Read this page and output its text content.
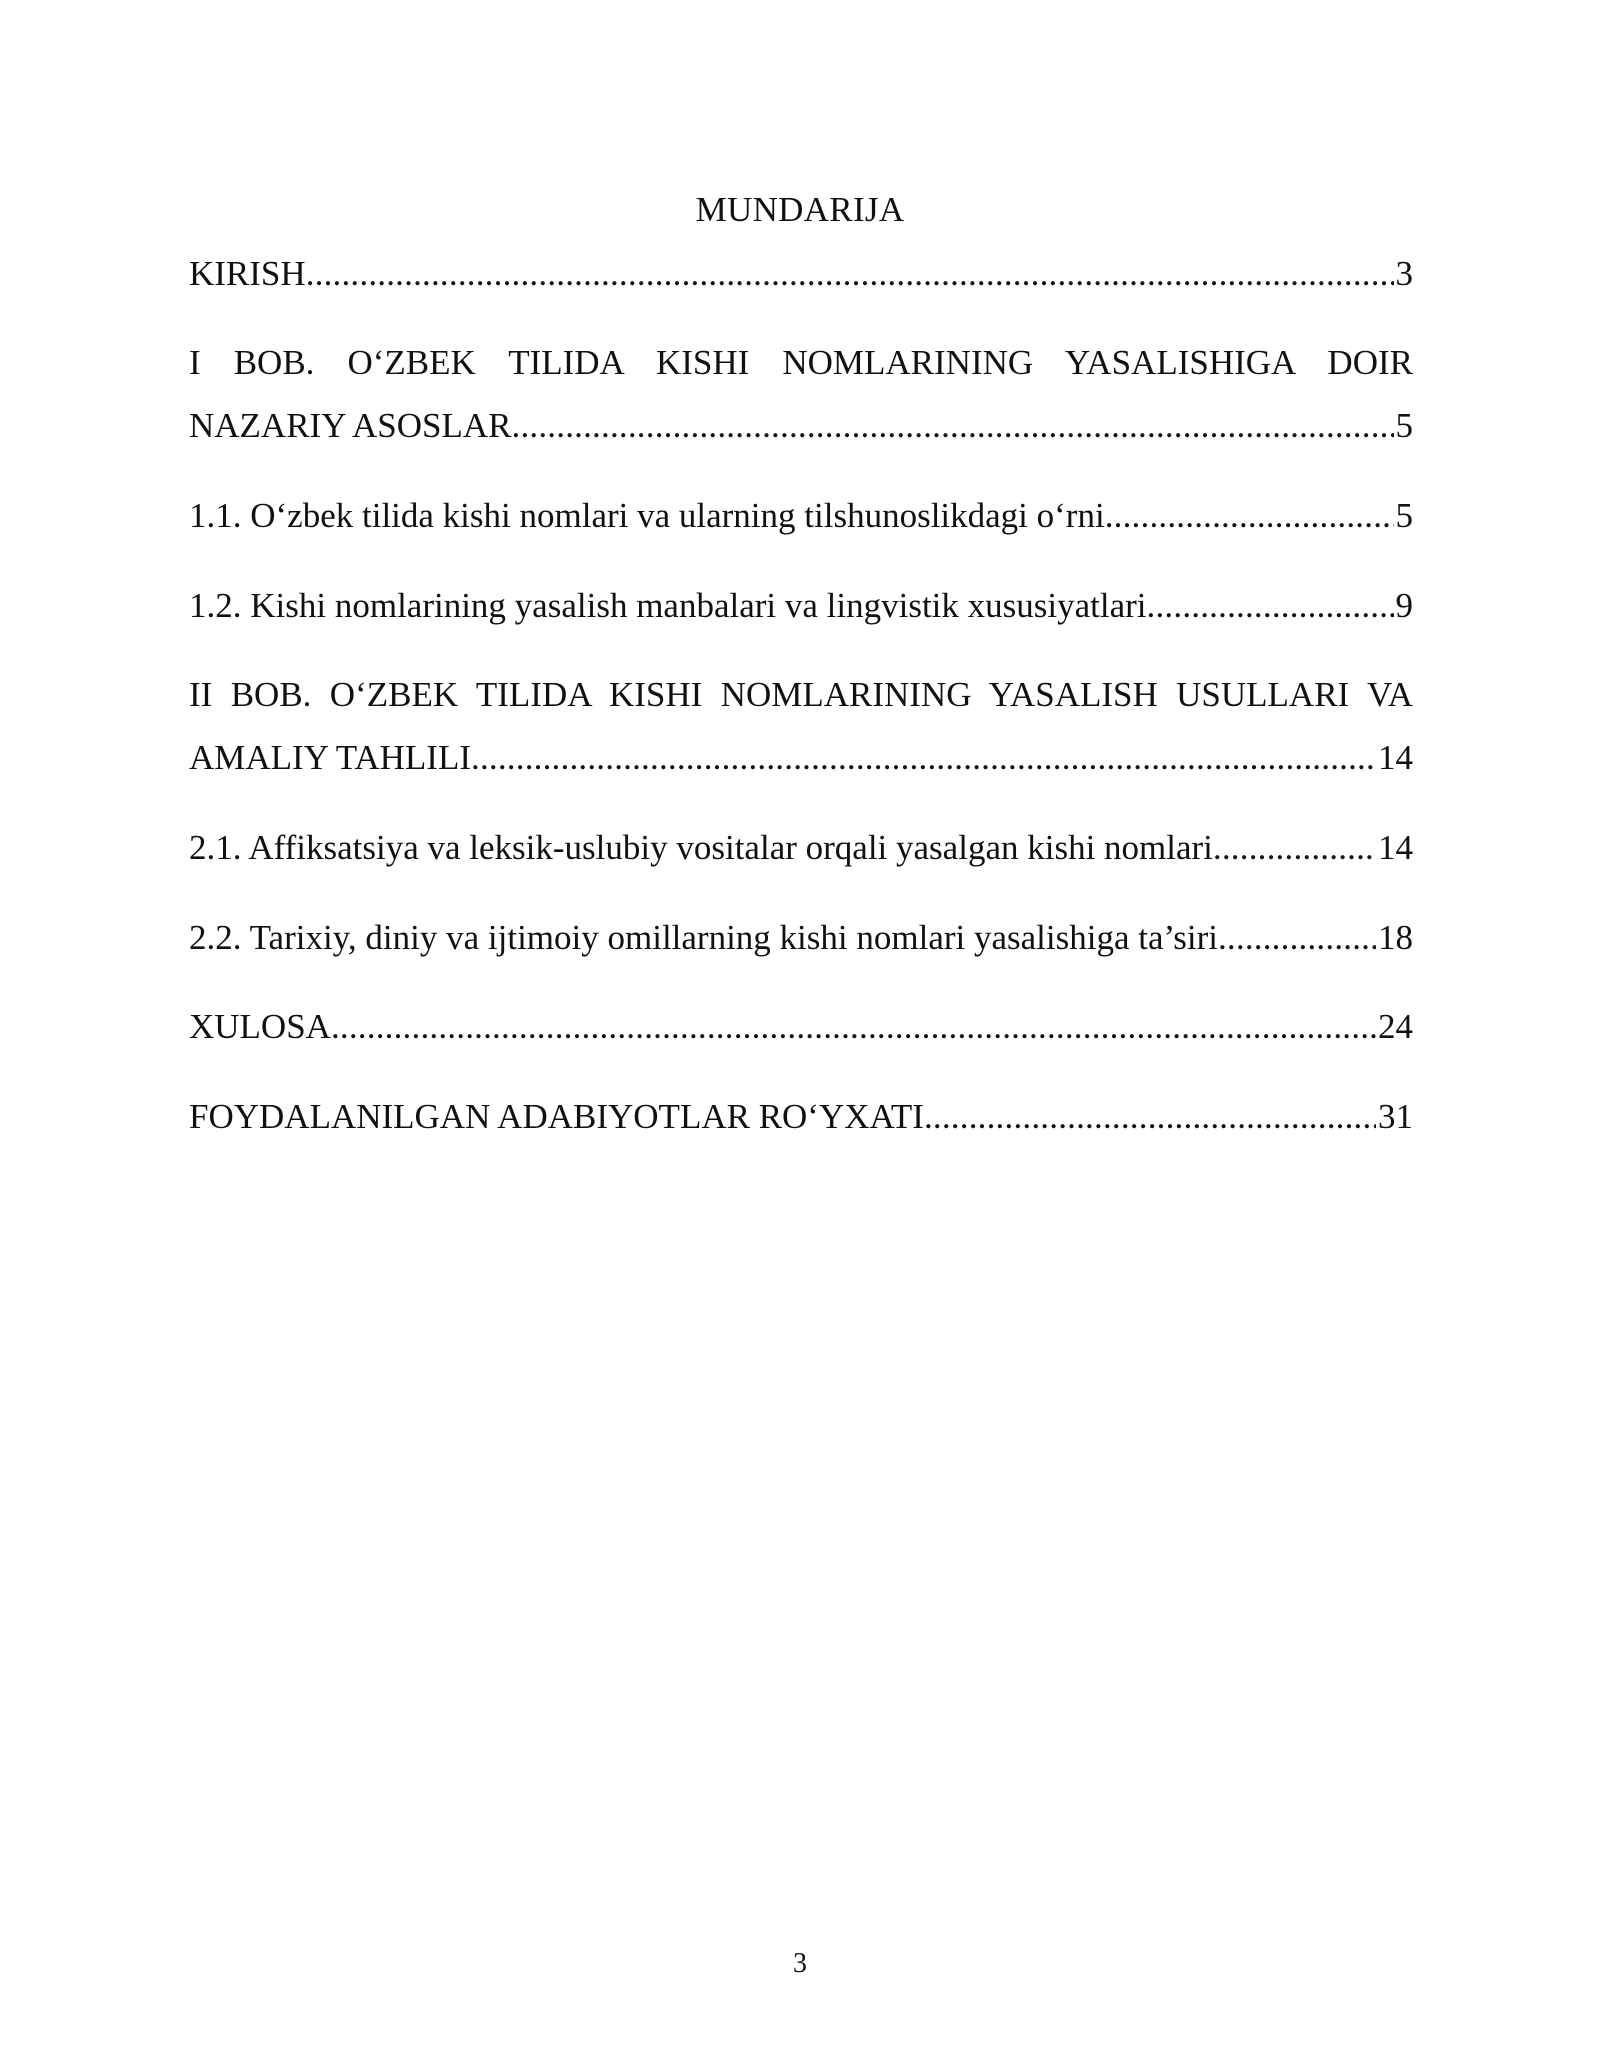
MUNDARIJA
KIRISH .....	3
I BOB. O‘ZBEK TILIDA KISHI NOMLARINING YASALISHIGA DOIR
NAZARIY ASOSLAR .....	5
1.1. O‘zbek tilida kishi nomlari va ularning tilshunoslikdagi o‘rni .....	5
1.2. Kishi nomlarining yasalish manbalari va lingvistik xususiyatlari .....	9
II BOB. O‘ZBEK TILIDA KISHI NOMLARINING YASALISH USULLARI VA
AMALIY TAHLILI .....	14
2.1. Affiksatsiya va leksik-uslubiy vositalar orqali yasalgan kishi nomlari .....	14
2.2. Tarixiy, diniy va ijtimoiy omillarning kishi nomlari yasalishiga ta’siri .....	18
XULOSA .....	24
FOYDALANILGAN ADABIYOTLAR RO‘YXATI .....	31
3
